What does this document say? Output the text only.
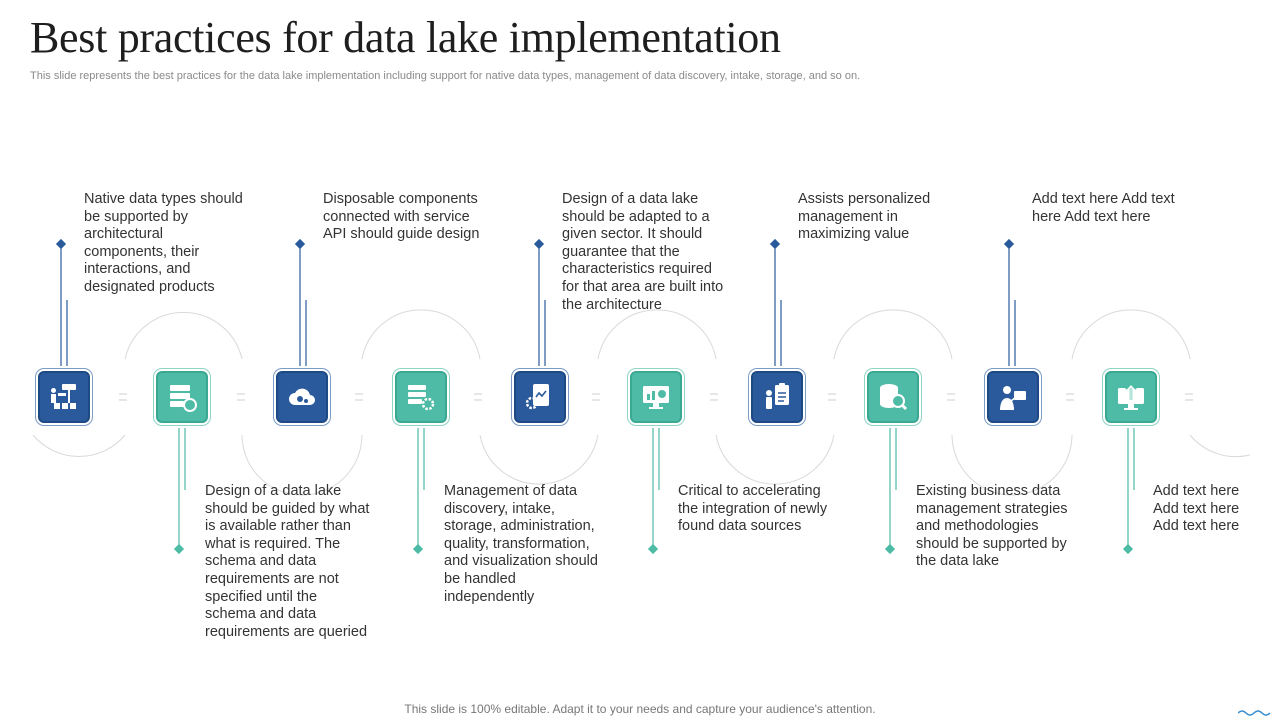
Best practices for data lake implementation

This slide represents the best practices for the data lake implementation including support for native data types, management of data discovery, intake, storage, and so on.

Native data types should be supported by architectural components, their interactions, and designated products

Design of a data lake should be guided by what is available rather than what is required. The schema and data requirements are not specified until the schema and data requirements are queried

Disposable components connected with service API should guide design

Management of data discovery, intake, storage, administration, quality, transformation, and visualization should be handled independently

Design of a data lake should be adapted to a given sector. It should guarantee that the characteristics required for that area are built into the architecture

Critical to accelerating the integration of newly found data sources

Assists personalized management in maximizing value

Existing business data management strategies and methodologies should be supported by the data lake

Add text here Add text here Add text here

Add text here Add text here Add text here

This slide is 100% editable. Adapt it to your needs and capture your audience's attention.
